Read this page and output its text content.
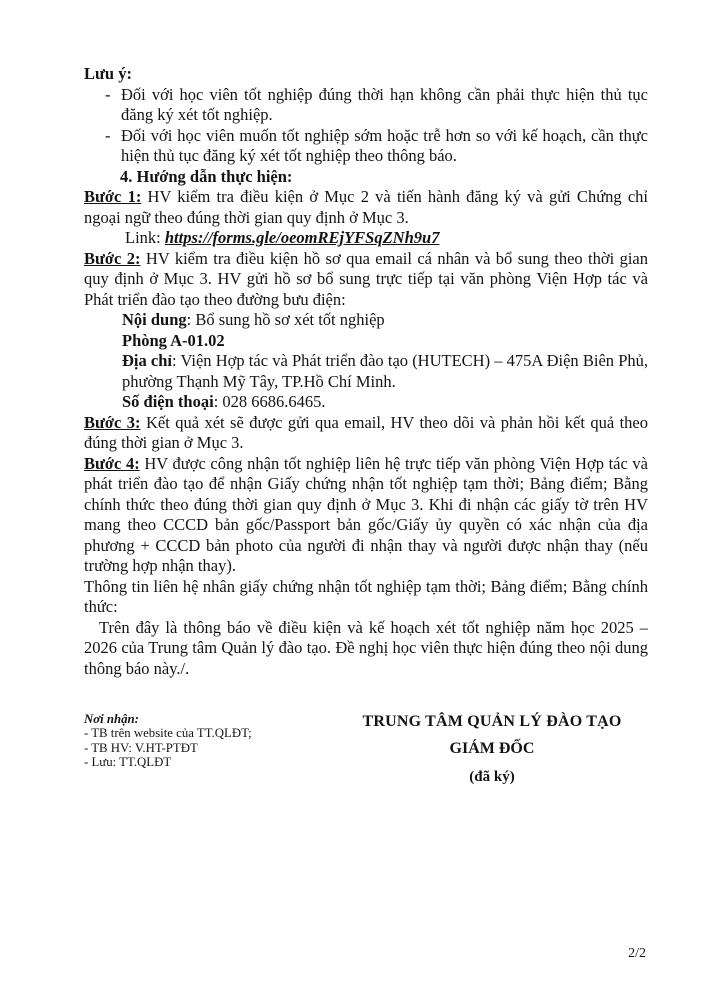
Lưu ý:

- Đối với học viên tốt nghiệp đúng thời hạn không cần phải thực hiện thủ tục đăng ký xét tốt nghiệp.
- Đối với học viên muốn tốt nghiệp sớm hoặc trễ hơn so với kế hoạch, cần thực hiện thủ tục đăng ký xét tốt nghiệp theo thông báo.

4. Hướng dẫn thực hiện:

Bước 1: HV kiểm tra điều kiện ở Mục 2 và tiến hành đăng ký và gửi Chứng chỉ ngoại ngữ theo đúng thời gian quy định ở Mục 3.

Link: https://forms.gle/oeomREjYFSqZNh9u7

Bước 2: HV kiểm tra điều kiện hồ sơ qua email cá nhân và bổ sung theo thời gian quy định ở Mục 3. HV gửi hồ sơ bổ sung trực tiếp tại văn phòng Viện Hợp tác và Phát triển đào tạo theo đường bưu điện:

Nội dung: Bổ sung hồ sơ xét tốt nghiệp

Phòng A-01.02

Địa chỉ: Viện Hợp tác và Phát triển đào tạo (HUTECH) – 475A Điện Biên Phủ, phường Thạnh Mỹ Tây, TP.Hồ Chí Minh.

Số điện thoại: 028 6686.6465.

Bước 3: Kết quả xét sẽ được gửi qua email, HV theo dõi và phản hồi kết quả theo đúng thời gian ở Mục 3.

Bước 4: HV được công nhận tốt nghiệp liên hệ trực tiếp văn phòng Viện Hợp tác và phát triển đào tạo để nhận Giấy chứng nhận tốt nghiệp tạm thời; Bảng điểm; Bằng chính thức theo đúng thời gian quy định ở Mục 3. Khi đi nhận các giấy tờ trên HV mang theo CCCD bản gốc/Passport bản gốc/Giấy ủy quyền có xác nhận của địa phương + CCCD bản photo của người đi nhận thay và người được nhận thay (nếu trường hợp nhận thay).

Thông tin liên hệ nhân giấy chứng nhận tốt nghiệp tạm thời; Bảng điểm; Bằng chính thức:

Trên đây là thông báo về điều kiện và kế hoạch xét tốt nghiệp năm học 2025 – 2026 của Trung tâm Quản lý đào tạo. Đề nghị học viên thực hiện đúng theo nội dung thông báo này./.

Nơi nhận:

- TB trên website của TT.QLĐT;

- TB HV: V.HT-PTĐT

- Lưu: TT.QLĐT

TRUNG TÂM QUẢN LÝ ĐÀO TẠO

GIÁM ĐỐC

(đã ký)

2/2
